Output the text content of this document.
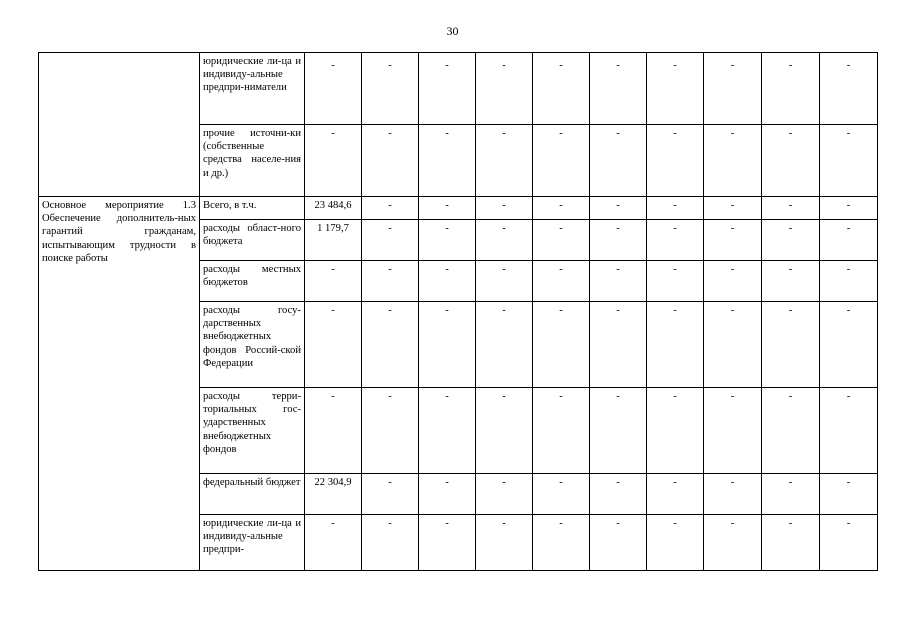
30
	юридические ли-ца и индивиду-альные предпри-ниматели	-	-	-	-	-	-	-	-	-	-
	прочие источни-ки (собственные средства населе-ния и др.)	-	-	-	-	-	-	-	-	-	-
Основное мероприятие 1.3 Обеспечение дополнитель-ных гарантий гражданам, испытывающим трудности в поиске работы	Всего, в т.ч.	23 484,6	-	-	-	-	-	-	-	-	-
	расходы област-ного бюджета	1 179,7	-	-	-	-	-	-	-	-	-
	расходы местных бюджетов	-	-	-	-	-	-	-	-	-	-
	расходы госу-дарственных внебюджетных фондов Россий-ской Федерации	-	-	-	-	-	-	-	-	-	-
	расходы терри-ториальных гос-ударственных внебюджетных фондов	-	-	-	-	-	-	-	-	-	-
	федеральный бюджет	22 304,9	-	-	-	-	-	-	-	-	-
	юридические ли-ца и индивиду-альные предпри-	-	-	-	-	-	-	-	-	-	-
